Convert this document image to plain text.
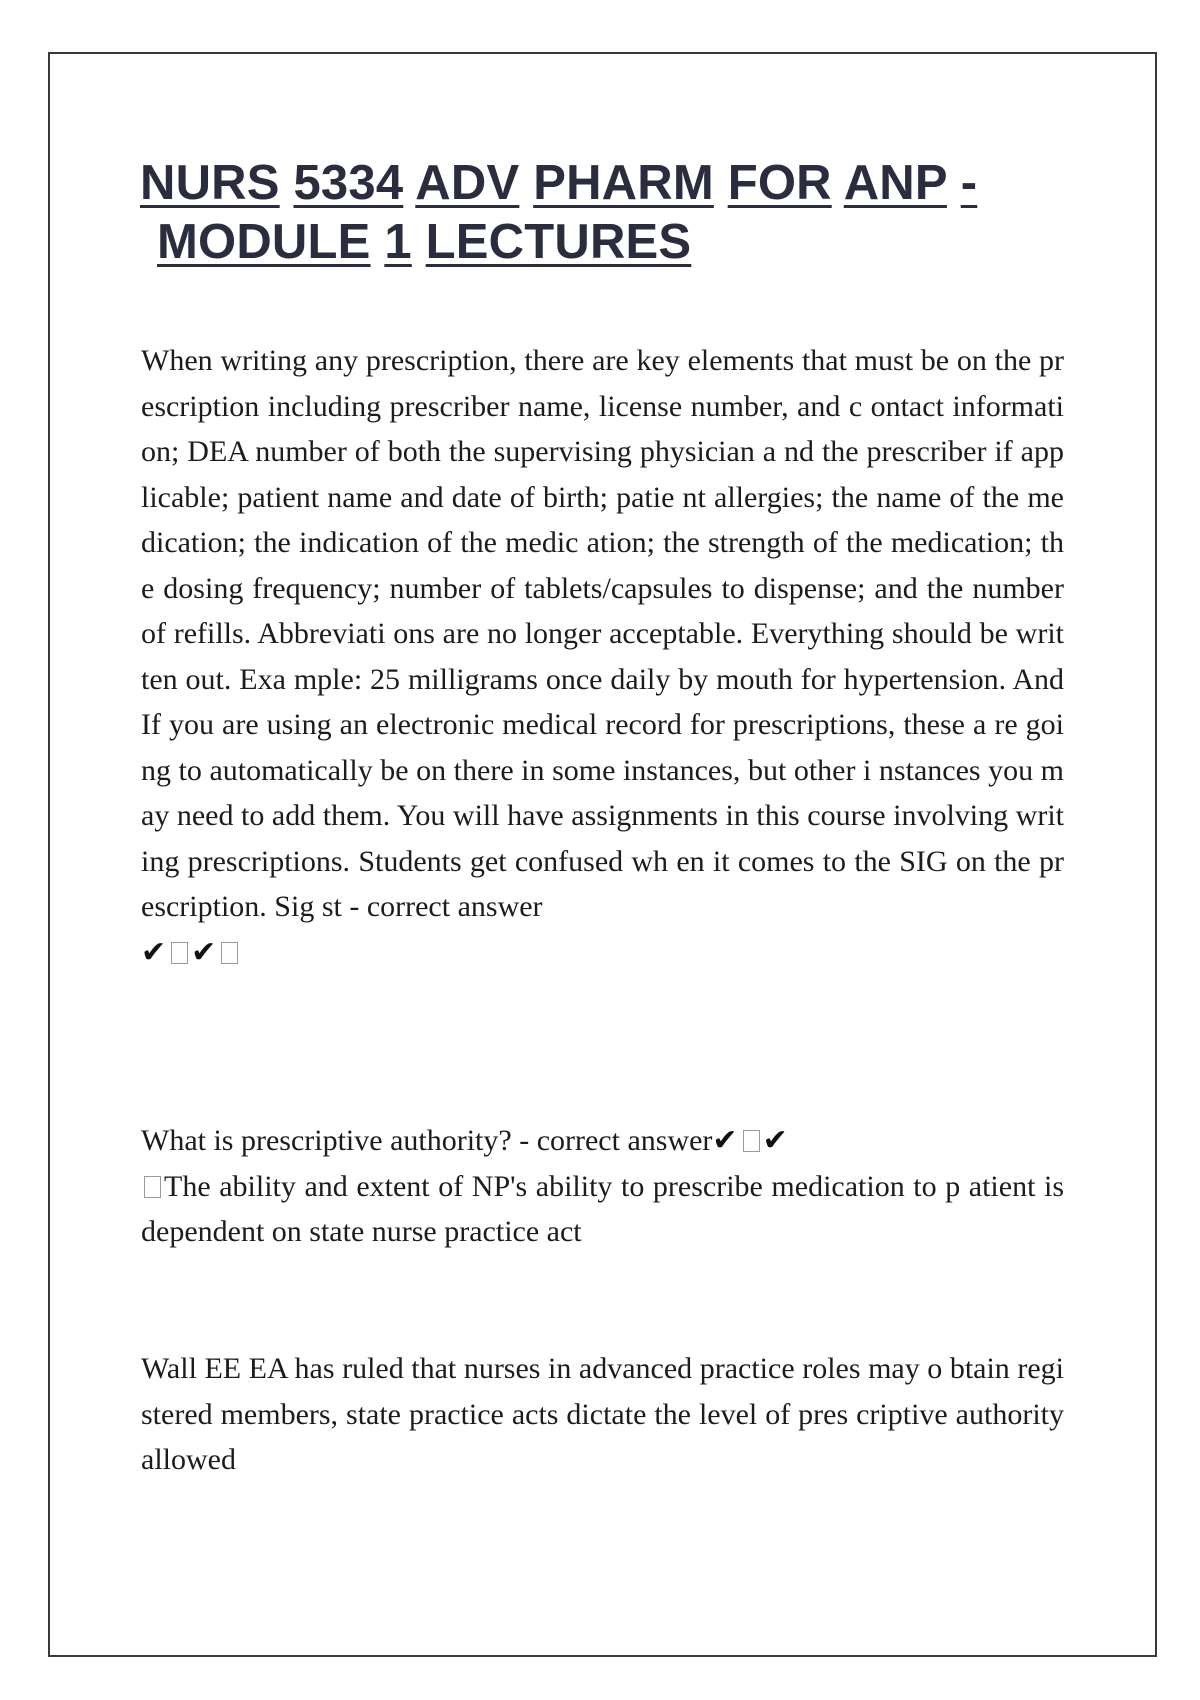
NURS 5334 ADV PHARM FOR ANP -
MODULE 1 LECTURES

When writing any prescription, there are key elements that must be on the prescription including prescriber name, license number, and c ontact information; DEA number of both the supervising physician a nd the prescriber if applicable; patient name and date of birth; patie nt allergies; the name of the medication; the indication of the medic ation; the strength of the medication; the dosing frequency; number of tablets/capsules to dispense; and the number of refills. Abbreviati ons are no longer acceptable. Everything should be written out. Exa mple: 25 milligrams once daily by mouth for hypertension. And If you are using an electronic medical record for prescriptions, these a re going to automatically be on there in some instances, but other i nstances you may need to add them. You will have assignments in this course involving writing prescriptions. Students get confused wh en it comes to the SIG on the prescription. Sig st - correct answer
✔ ✔

What is prescriptive authority? - correct answer✔ ✔
The ability and extent of NP's ability to prescribe medication to p atient is dependent on state nurse practice act

Wall EE EA has ruled that nurses in advanced practice roles may o btain registered members, state practice acts dictate the level of pres criptive authority allowed
